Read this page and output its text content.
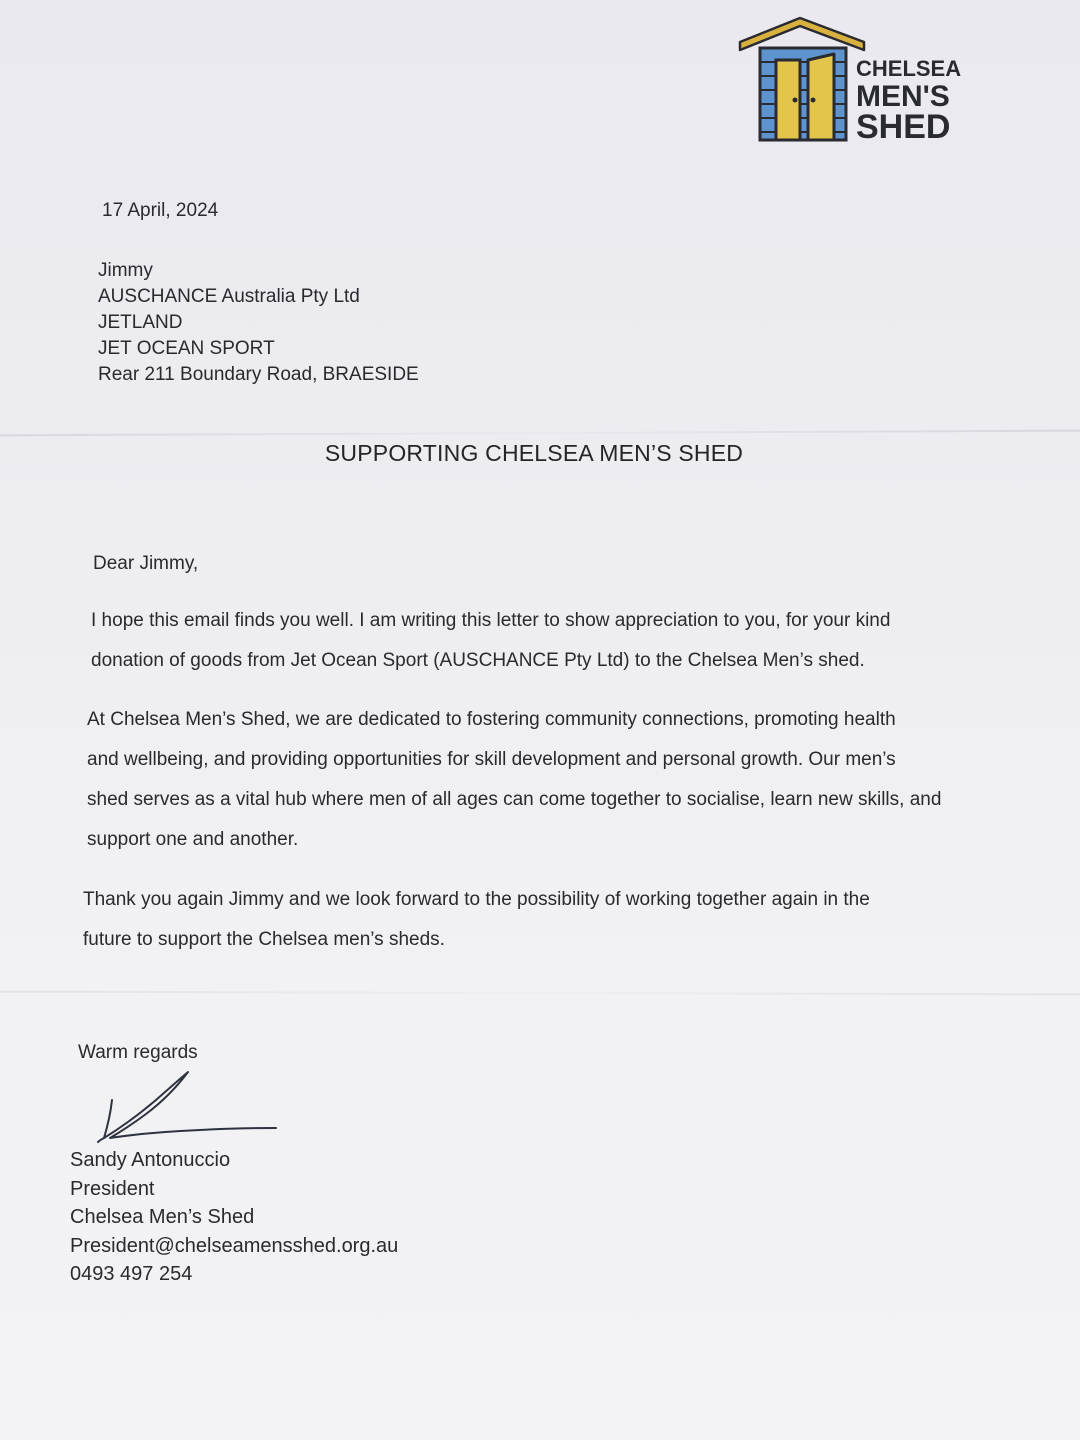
CHELSEA
MEN'S
SHED
17 April, 2024
Jimmy
AUSCHANCE Australia Pty Ltd
JETLAND
JET OCEAN SPORT
Rear 211 Boundary Road, BRAESIDE
SUPPORTING CHELSEA MEN’S SHED
Dear Jimmy,
I hope this email finds you well. I am writing this letter to show appreciation to you, for your kind
donation of goods from Jet Ocean Sport (AUSCHANCE Pty Ltd) to the Chelsea Men’s shed.
At Chelsea Men’s Shed, we are dedicated to fostering community connections, promoting health
and wellbeing, and providing opportunities for skill development and personal growth. Our men’s
shed serves as a vital hub where men of all ages can come together to socialise, learn new skills, and
support one and another.
Thank you again Jimmy and we look forward to the possibility of working together again in the
future to support the Chelsea men’s sheds.
Warm regards
Sandy Antonuccio
President
Chelsea Men’s Shed
President@chelseamensshed.org.au
0493 497 254
